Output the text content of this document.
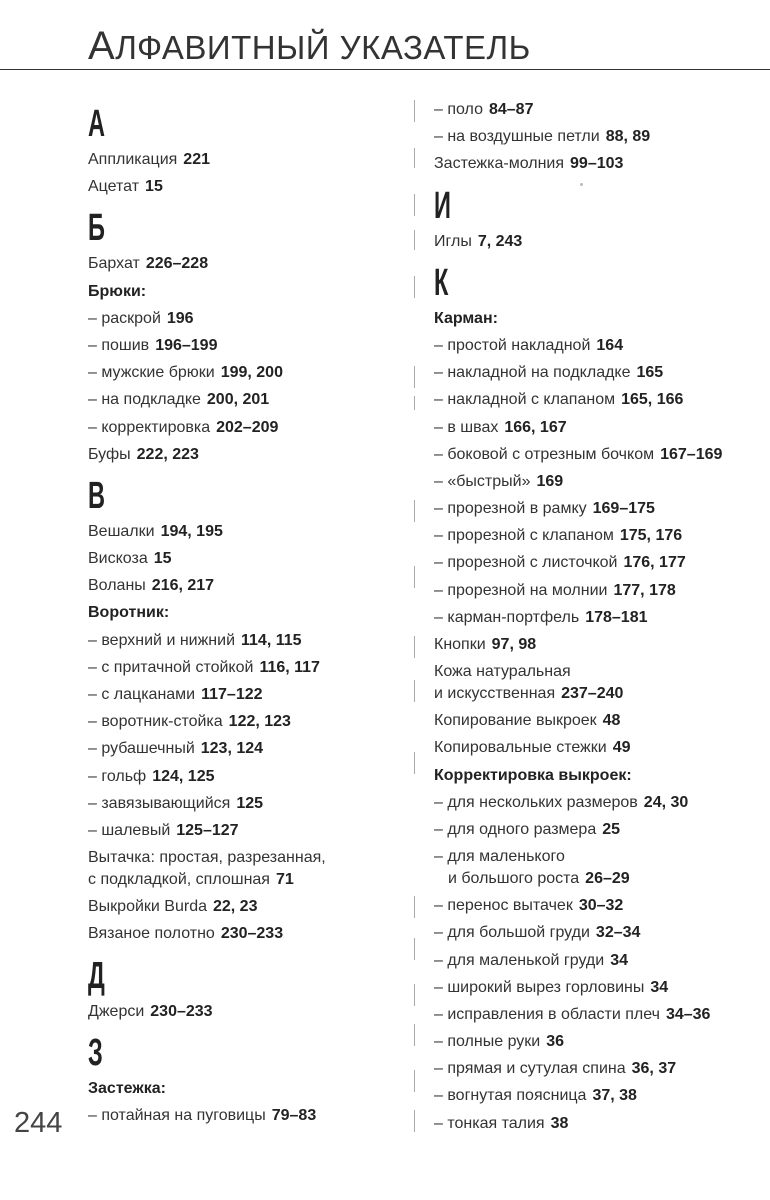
АЛФАВИТНЫЙ УКАЗАТЕЛЬ
А
Аппликация 221
Ацетат 15
Б
Бархат 226–228
Брюки:
– раскрой 196
– пошив 196–199
– мужские брюки 199, 200
– на подкладке 200, 201
– корректировка 202–209
Буфы 222, 223
В
Вешалки 194, 195
Вискоза 15
Воланы 216, 217
Воротник:
– верхний и нижний 114, 115
– с притачной стойкой 116, 117
– с лацканами 117–122
– воротник-стойка 122, 123
– рубашечный 123, 124
– гольф 124, 125
– завязывающийся 125
– шалевый 125–127
Вытачка: простая, разрезанная,
с подкладкой, сплошная 71
Выкройки Burda 22, 23
Вязаное полотно 230–233
Д
Джерси 230–233
З
Застежка:
– потайная на пуговицы 79–83
– поло 84–87
– на воздушные петли 88, 89
Застежка-молния 99–103
И
Иглы 7, 243
К
Карман:
– простой накладной 164
– накладной на подкладке 165
– накладной с клапаном 165, 166
– в швах 166, 167
– боковой с отрезным бочком 167–169
– «быстрый» 169
– прорезной в рамку 169–175
– прорезной с клапаном 175, 176
– прорезной с листочкой 176, 177
– прорезной на молнии 177, 178
– карман-портфель 178–181
Кнопки 97, 98
Кожа натуральная
и искусственная 237–240
Копирование выкроек 48
Копировальные стежки 49
Корректировка выкроек:
– для нескольких размеров 24, 30
– для одного размера 25
– для маленького
и большого роста 26–29
– перенос вытачек 30–32
– для большой груди 32–34
– для маленькой груди 34
– широкий вырез горловины 34
– исправления в области плеч 34–36
– полные руки 36
– прямая и сутулая спина 36, 37
– вогнутая поясница 37, 38
– тонкая талия 38
244
